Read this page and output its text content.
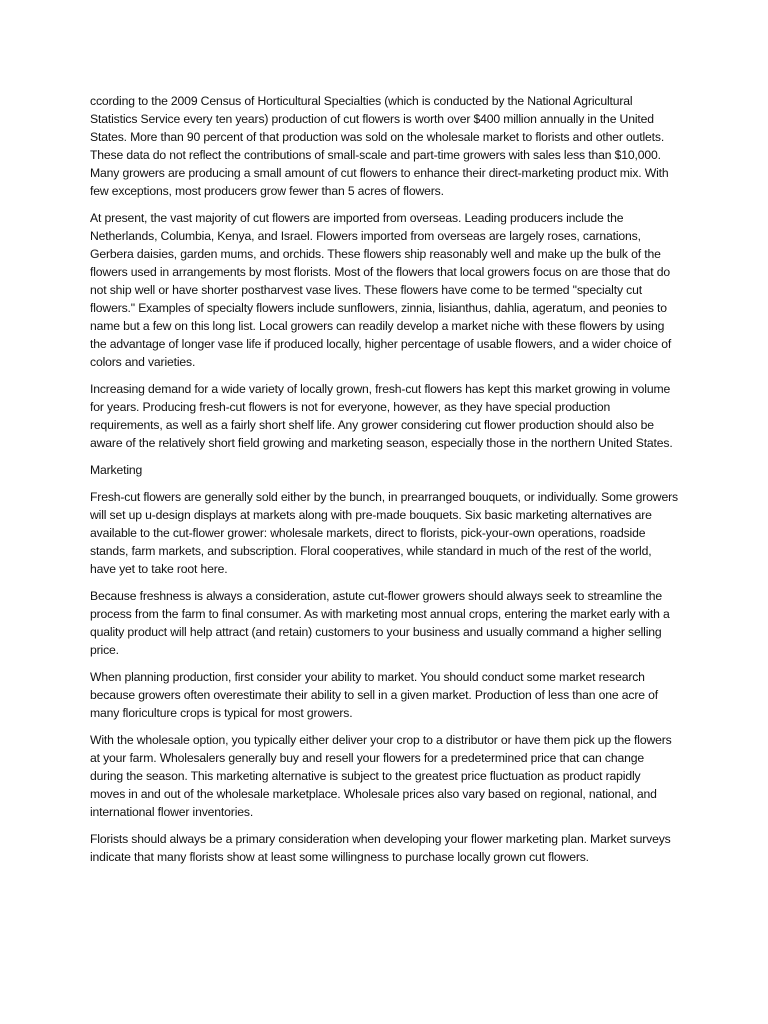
ccording to the 2009 Census of Horticultural Specialties (which is conducted by the National Agricultural Statistics Service every ten years) production of cut flowers is worth over $400 million annually in the United States. More than 90 percent of that production was sold on the wholesale market to florists and other outlets. These data do not reflect the contributions of small-scale and part-time growers with sales less than $10,000. Many growers are producing a small amount of cut flowers to enhance their direct-marketing product mix. With few exceptions, most producers grow fewer than 5 acres of flowers.

At present, the vast majority of cut flowers are imported from overseas. Leading producers include the Netherlands, Columbia, Kenya, and Israel. Flowers imported from overseas are largely roses, carnations, Gerbera daisies, garden mums, and orchids. These flowers ship reasonably well and make up the bulk of the flowers used in arrangements by most florists. Most of the flowers that local growers focus on are those that do not ship well or have shorter postharvest vase lives. These flowers have come to be termed "specialty cut flowers." Examples of specialty flowers include sunflowers, zinnia, lisianthus, dahlia, ageratum, and peonies to name but a few on this long list. Local growers can readily develop a market niche with these flowers by using the advantage of longer vase life if produced locally, higher percentage of usable flowers, and a wider choice of colors and varieties.

Increasing demand for a wide variety of locally grown, fresh-cut flowers has kept this market growing in volume for years. Producing fresh-cut flowers is not for everyone, however, as they have special production requirements, as well as a fairly short shelf life. Any grower considering cut flower production should also be aware of the relatively short field growing and marketing season, especially those in the northern United States.

Marketing

Fresh-cut flowers are generally sold either by the bunch, in prearranged bouquets, or individually. Some growers will set up u-design displays at markets along with pre-made bouquets. Six basic marketing alternatives are available to the cut-flower grower: wholesale markets, direct to florists, pick-your-own operations, roadside stands, farm markets, and subscription. Floral cooperatives, while standard in much of the rest of the world, have yet to take root here.

Because freshness is always a consideration, astute cut-flower growers should always seek to streamline the process from the farm to final consumer. As with marketing most annual crops, entering the market early with a quality product will help attract (and retain) customers to your business and usually command a higher selling price.

When planning production, first consider your ability to market. You should conduct some market research because growers often overestimate their ability to sell in a given market. Production of less than one acre of many floriculture crops is typical for most growers.

With the wholesale option, you typically either deliver your crop to a distributor or have them pick up the flowers at your farm. Wholesalers generally buy and resell your flowers for a predetermined price that can change during the season. This marketing alternative is subject to the greatest price fluctuation as product rapidly moves in and out of the wholesale marketplace. Wholesale prices also vary based on regional, national, and international flower inventories.

Florists should always be a primary consideration when developing your flower marketing plan. Market surveys indicate that many florists show at least some willingness to purchase locally grown cut flowers.
